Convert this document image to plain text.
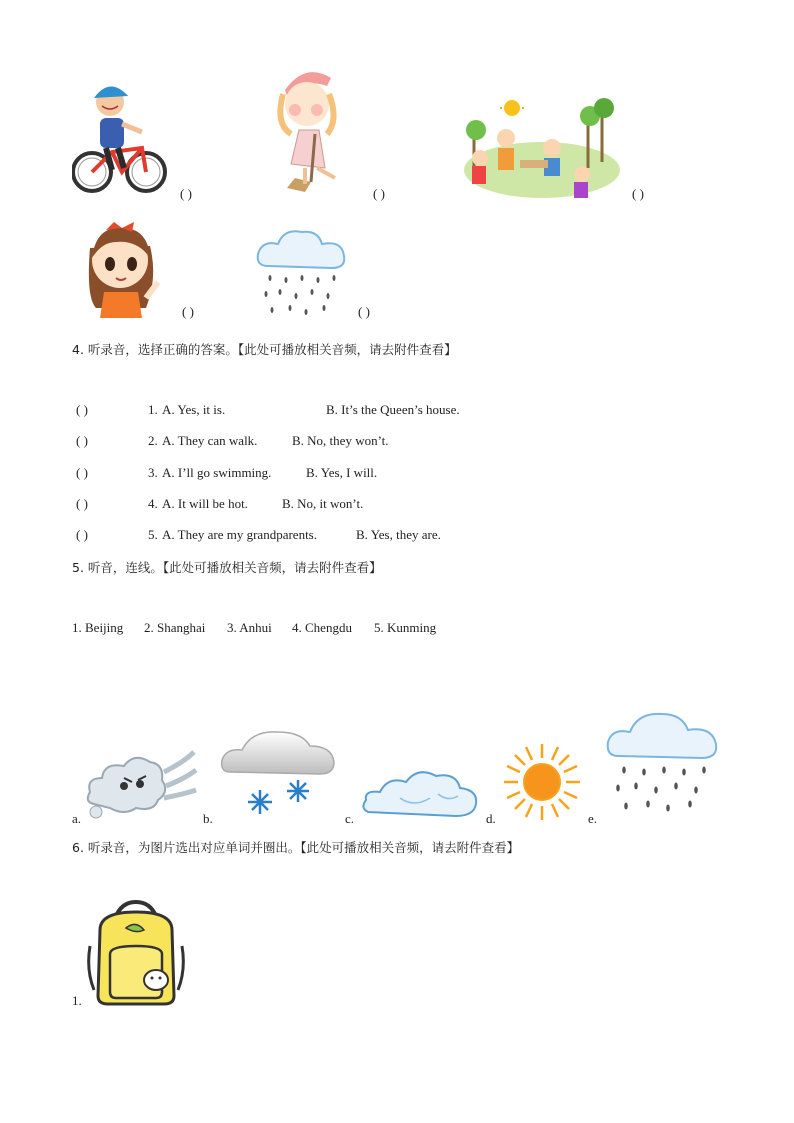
( )	( )	( )
( )	( )
4. 听录音，选择正确的答案。【此处可播放相关音频，请去附件查看】
( )	1. A. Yes, it is.	B. It’s the Queen’s house.
( )	2. A. They can walk.	B. No, they won’t.
( )	3. A. I’ll go swimming.	B. Yes, I will.
( )	4. A. It will be hot.	B. No, it won’t.
( )	5. A. They are my grandparents.	B. Yes, they are.
5. 听音，连线。【此处可播放相关音频，请去附件查看】
1. Beijing 2. Shanghai 3. Anhui 4. Chengdu 5. Kunming
a.	b.	c.	d.	e.
6. 听录音，为图片选出对应单词并圈出。【此处可播放相关音频，请去附件查看】
1.
